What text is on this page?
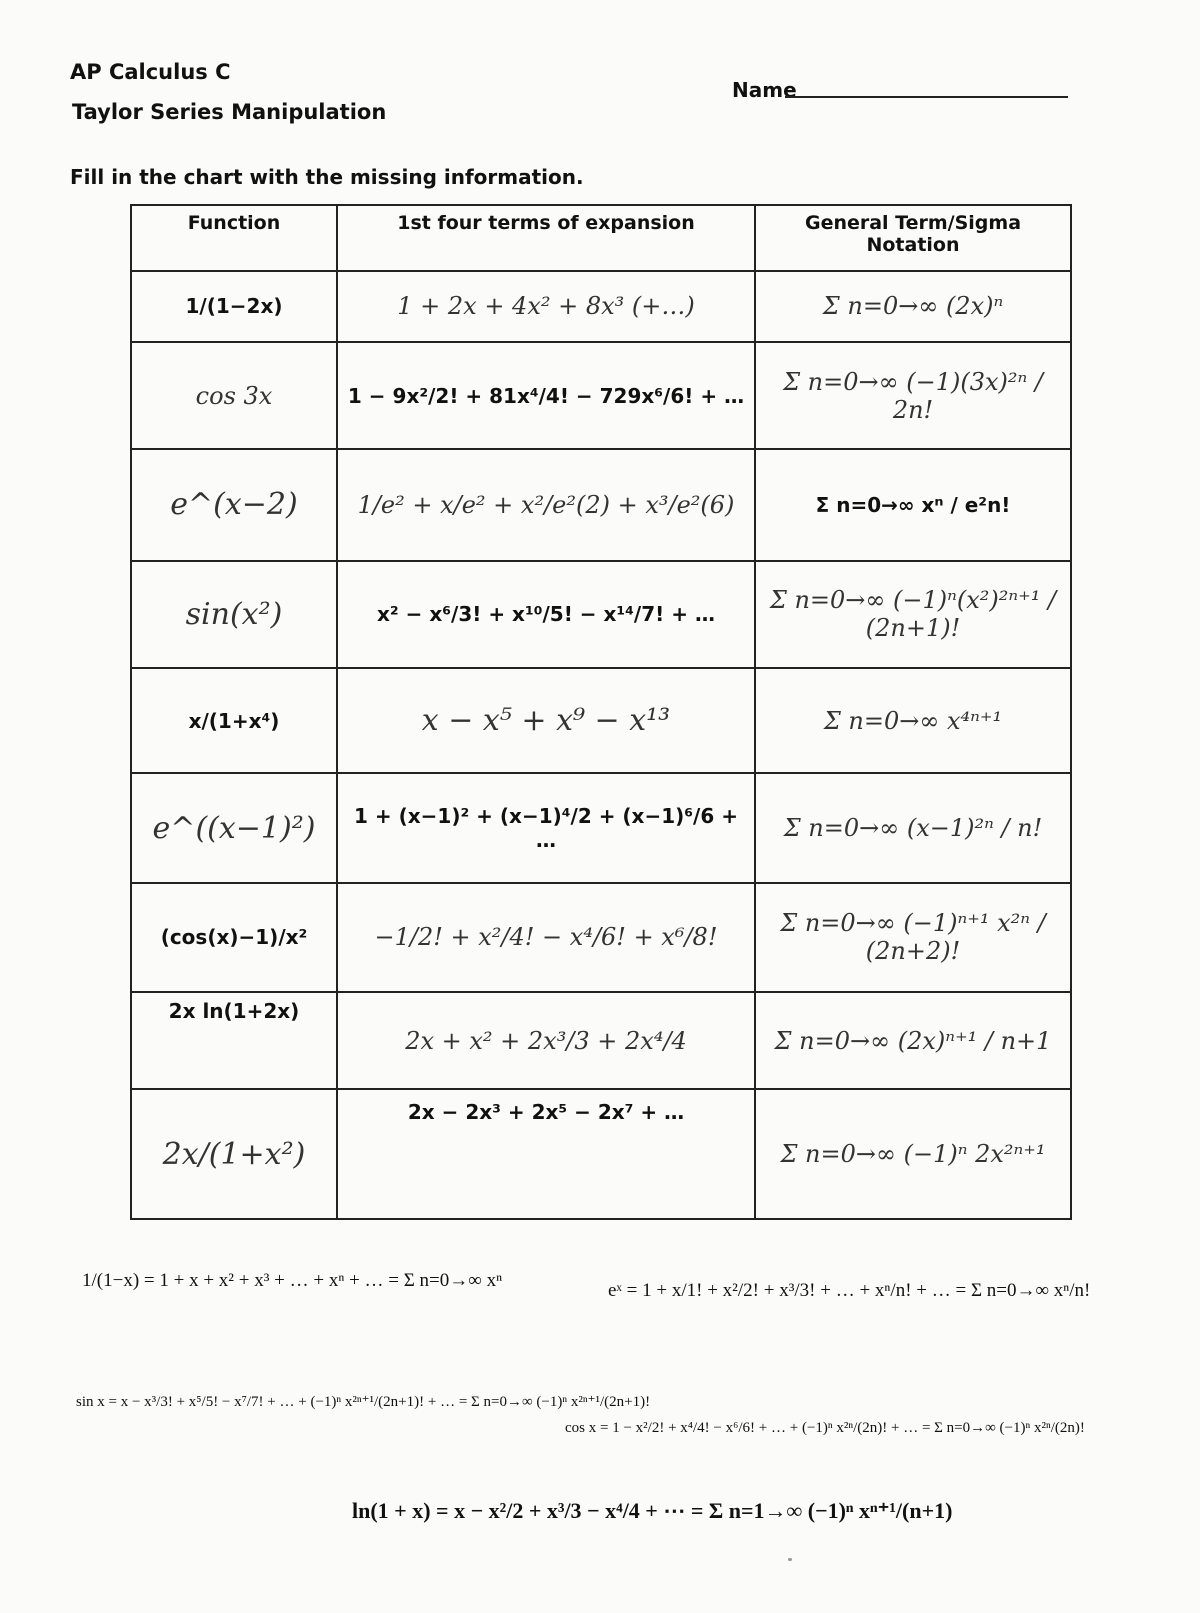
AP Calculus C
Taylor Series Manipulation
Name
Fill in the chart with the missing information.
Function	1st four terms of expansion	General Term/Sigma Notation
1/(1−2x)	1 + 2x + 4x² + 8x³ (+…)	Σ n=0→∞ (2x)ⁿ
cos 3x	1 − 9x²/2! + 81x⁴/4! − 729x⁶/6! + …	Σ n=0→∞ (−1)(3x)²ⁿ / 2n!
e^(x−2)	1/e² + x/e² + x²/e²(2) + x³/e²(6)	Σ n=0→∞ xⁿ / e²n!
sin(x²)	x² − x⁶/3! + x¹⁰/5! − x¹⁴/7! + …	Σ n=0→∞ (−1)ⁿ(x²)²ⁿ⁺¹ / (2n+1)!
x/(1+x⁴)	x − x⁵ + x⁹ − x¹³	Σ n=0→∞ x⁴ⁿ⁺¹
e^((x−1)²)	1 + (x−1)² + (x−1)⁴/2 + (x−1)⁶/6 + …	Σ n=0→∞ (x−1)²ⁿ / n!
(cos(x)−1)/x²	−1/2! + x²/4! − x⁴/6! + x⁶/8!	Σ n=0→∞ (−1)ⁿ⁺¹ x²ⁿ / (2n+2)!
2x ln(1+2x)	2x + x² + 2x³/3 + 2x⁴/4	Σ n=0→∞ (2x)ⁿ⁺¹ / n+1
2x/(1+x²)	2x − 2x³ + 2x⁵ − 2x⁷ + …	Σ n=0→∞ (−1)ⁿ 2x²ⁿ⁺¹
1/(1−x) = 1 + x + x² + x³ + … + xⁿ + … = Σ n=0→∞ xⁿ	eˣ = 1 + x/1! + x²/2! + x³/3! + … + xⁿ/n! + … = Σ n=0→∞ xⁿ/n!
sin x = x − x³/3! + x⁵/5! − x⁷/7! + … + (−1)ⁿ x²ⁿ⁺¹/(2n+1)! + … = Σ n=0→∞ (−1)ⁿ x²ⁿ⁺¹/(2n+1)!
cos x = 1 − x²/2! + x⁴/4! − x⁶/6! + … + (−1)ⁿ x²ⁿ/(2n)! + … = Σ n=0→∞ (−1)ⁿ x²ⁿ/(2n)!
ln(1 + x) = x − x²/2 + x³/3 − x⁴/4 + ⋯ = Σ n=1→∞ (−1)ⁿ xⁿ⁺¹/(n+1)
